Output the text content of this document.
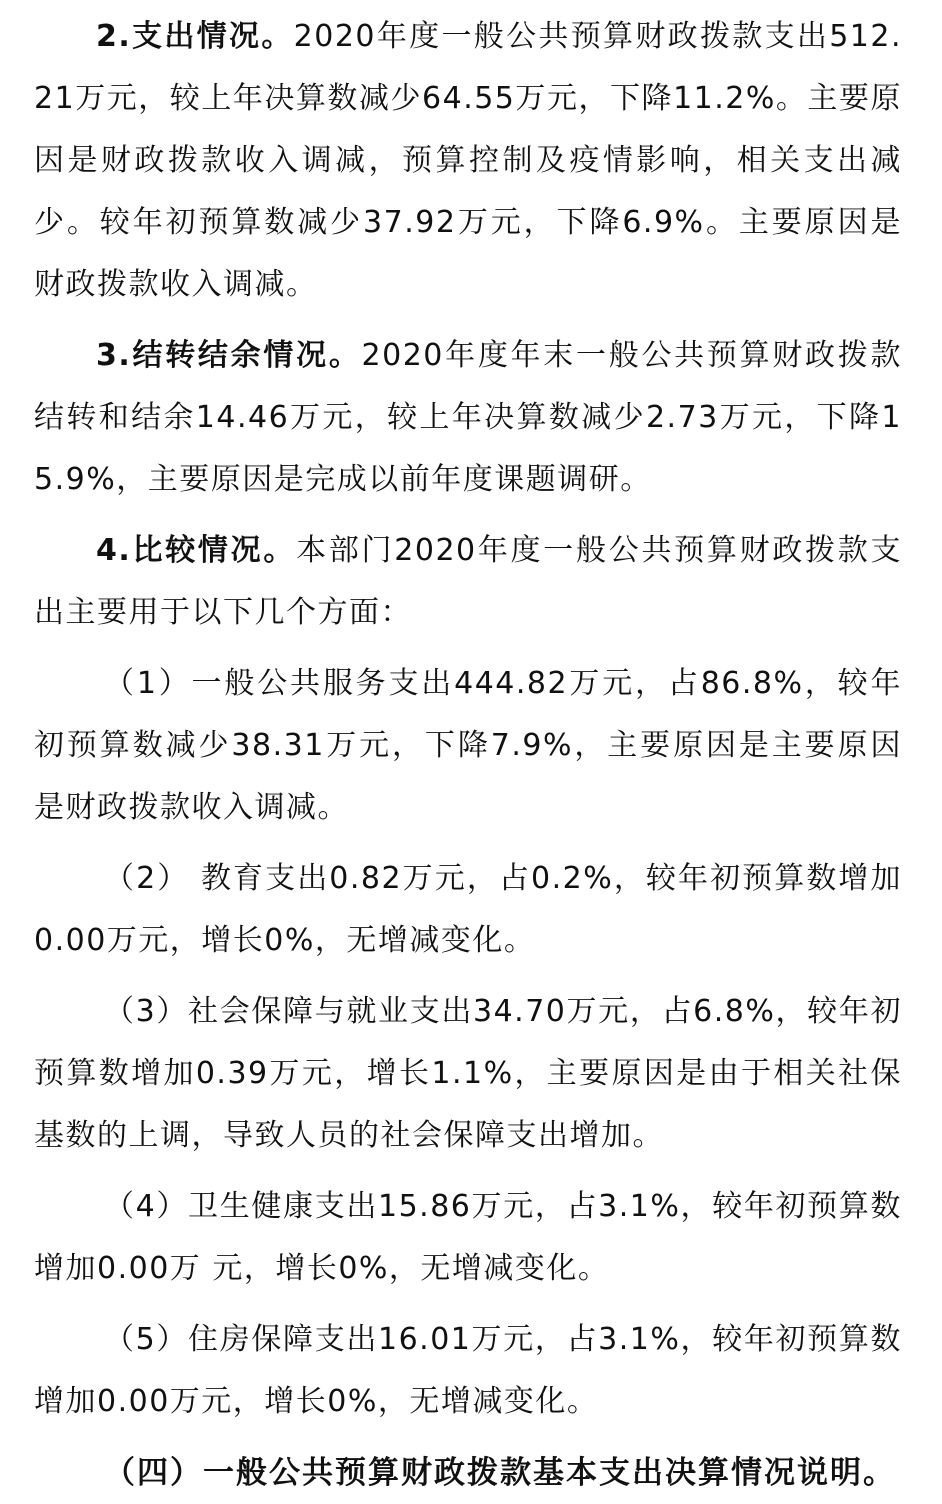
2.支出情况。2020年度一般公共预算财政拨款支出512.21万元，较上年决算数减少64.55万元，下降11.2%。主要原因是财政拨款收入调减，预算控制及疫情影响，相关支出减少。较年初预算数减少37.92万元，下降6.9%。主要原因是财政拨款收入调减。

3.结转结余情况。2020年度年末一般公共预算财政拨款结转和结余14.46万元，较上年决算数减少2.73万元，下降15.9%，主要原因是完成以前年度课题调研。

4.比较情况。本部门2020年度一般公共预算财政拨款支出主要用于以下几个方面：

（1）一般公共服务支出444.82万元，占86.8%，较年初预算数减少38.31万元，下降7.9%，主要原因是主要原因是财政拨款收入调减。

（2） 教育支出0.82万元，占0.2%，较年初预算数增加0.00万元，增长0%，无增减变化。

（3）社会保障与就业支出34.70万元，占6.8%，较年初预算数增加0.39万元，增长1.1%，主要原因是由于相关社保基数的上调，导致人员的社会保障支出增加。

（4）卫生健康支出15.86万元，占3.1%，较年初预算数增加0.00万 元，增长0%，无增减变化。

（5）住房保障支出16.01万元，占3.1%，较年初预算数增加0.00万元，增长0%，无增减变化。

（四）一般公共预算财政拨款基本支出决算情况说明。
